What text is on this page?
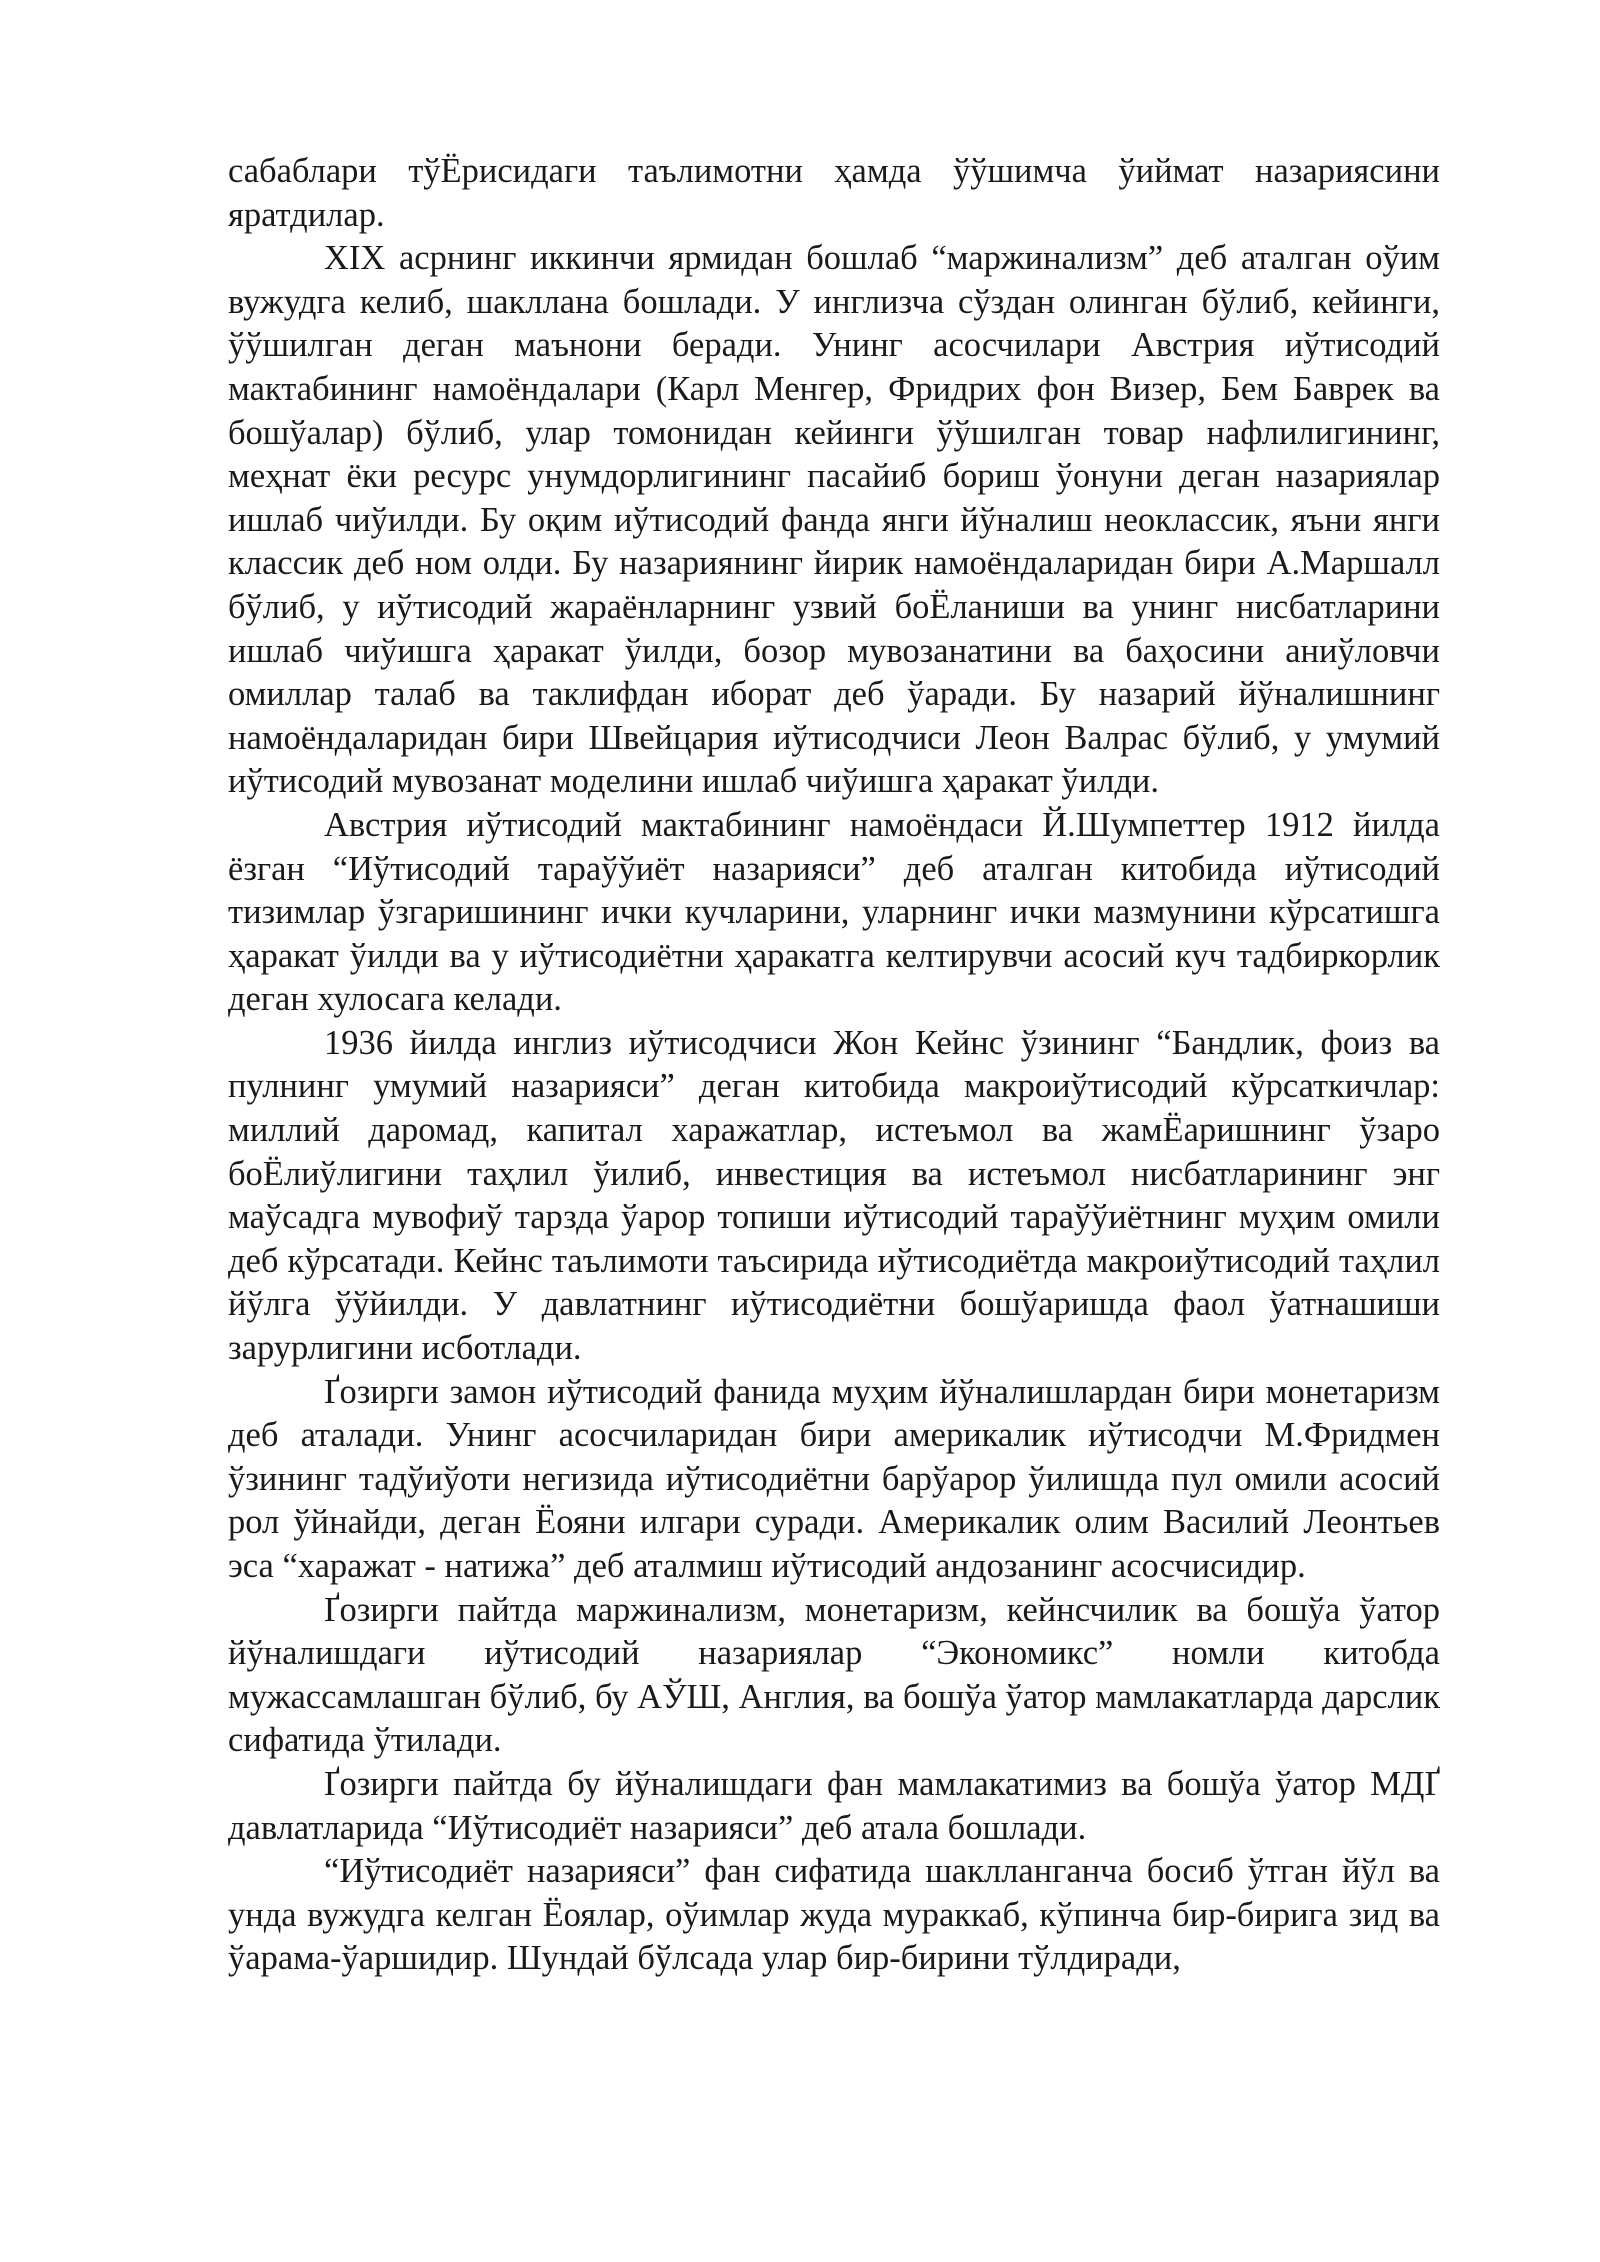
сабаблари тўЁрисидаги таълимотни ҳамда ўўшимча ўиймат назариясини яратдилар.

XIX асрнинг иккинчи ярмидан бошлаб “маржинализм” деб аталган оўим вужудга келиб, шакллана бошлади. У инглизча сўздан олинган бўлиб, кейинги, ўўшилган деган маънони беради. Унинг асосчилари Австрия иўтисодий мактабининг намоёндалари (Карл Менгер, Фридрих фон Визер, Бем Баврек ва бошўалар) бўлиб, улар томонидан кейинги ўўшилган товар нафлилигининг, меҳнат ёки ресурс унумдорлигининг пасайиб бориш ўонуни деган назариялар ишлаб чиўилди. Бу оқим иўтисодий фанда янги йўналиш неоклассик, яъни янги классик деб ном олди. Бу назариянинг йирик намоёндаларидан бири А.Маршалл бўлиб, у иўтисодий жараёнларнинг узвий боЁланиши ва унинг нисбатларини ишлаб чиўишга ҳаракат ўилди, бозор мувозанатини ва баҳосини аниўловчи омиллар талаб ва таклифдан иборат деб ўаради. Бу назарий йўналишнинг намоёндаларидан бири Швейцария иўтисодчиси Леон Валрас бўлиб, у умумий иўтисодий мувозанат моделини ишлаб чиўишга ҳаракат ўилди.

Австрия иўтисодий мактабининг намоёндаси Й.Шумпеттер 1912 йилда ёзган “Иўтисодий тараўўиёт назарияси” деб аталган китобида иўтисодий тизимлар ўзгаришининг ички кучларини, уларнинг ички мазмунини кўрсатишга ҳаракат ўилди ва у иўтисодиётни ҳаракатга келтирувчи асосий куч тадбиркорлик деган хулосага келади.

1936 йилда инглиз иўтисодчиси Жон Кейнс ўзининг “Бандлик, фоиз ва пулнинг умумий назарияси” деган китобида макроиўтисодий кўрсаткичлар: миллий даромад, капитал харажатлар, истеъмол ва жамЁаришнинг ўзаро боЁлиўлигини таҳлил ўилиб, инвестиция ва истеъмол нисбатларининг энг маўсадга мувофиў тарзда ўарор топиши иўтисодий тараўўиётнинг муҳим омили деб кўрсатади. Кейнс таълимоти таъсирида иўтисодиётда макроиўтисодий таҳлил йўлга ўўйилди. У давлатнинг иўтисодиётни бошўаришда фаол ўатнашиши зарурлигини исботлади.

Ґозирги замон иўтисодий фанида муҳим йўналишлардан бири монетаризм деб аталади. Унинг асосчиларидан бири америкалик иўтисодчи М.Фридмен ўзининг тадўиўоти негизида иўтисодиётни барўарор ўилишда пул омили асосий рол ўйнайди, деган Ёояни илгари суради. Америкалик олим Василий Леонтьев эса “харажат - натижа” деб аталмиш иўтисодий андозанинг асосчисидир.

Ґозирги пайтда маржинализм, монетаризм, кейнсчилик ва бошўа ўатор йўналишдаги иўтисодий назариялар “Экономикс” номли китобда мужассамлашган бўлиб, бу АЎШ, Англия, ва бошўа ўатор мамлакатларда дарслик сифатида ўтилади.

Ґозирги пайтда бу йўналишдаги фан мамлакатимиз ва бошўа ўатор МДҐ давлатларида “Иўтисодиёт назарияси” деб атала бошлади.

“Иўтисодиёт назарияси” фан сифатида шаклланганча босиб ўтган йўл ва унда вужудга келган Ёоялар, оўимлар жуда мураккаб, кўпинча бир-бирига зид ва ўарама-ўаршидир. Шундай бўлсада улар бир-бирини тўлдиради,
